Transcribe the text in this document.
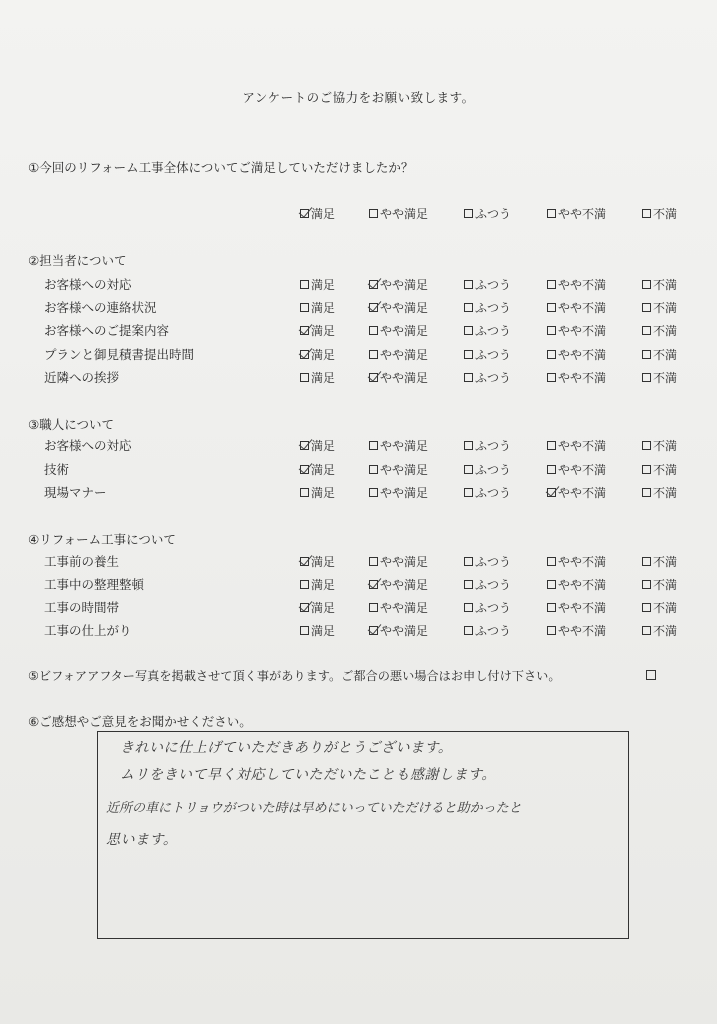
アンケートのご協力をお願い致します。
①今回のリフォーム工事全体についてご満足していただけましたか？
満足	やや満足	ふつう	やや不満	不満
②担当者について
お客様への対応	満足	やや満足	ふつう	やや不満	不満
お客様への連絡状況	満足	やや満足	ふつう	やや不満	不満
お客様へのご提案内容	満足	やや満足	ふつう	やや不満	不満
プランと御見積書提出時間	満足	やや満足	ふつう	やや不満	不満
近隣への挨拶	満足	やや満足	ふつう	やや不満	不満
③職人について
お客様への対応	満足	やや満足	ふつう	やや不満	不満
技術	満足	やや満足	ふつう	やや不満	不満
現場マナー	満足	やや満足	ふつう	やや不満	不満
④リフォーム工事について
工事前の養生	満足	やや満足	ふつう	やや不満	不満
工事中の整理整頓	満足	やや満足	ふつう	やや不満	不満
工事の時間帯	満足	やや満足	ふつう	やや不満	不満
工事の仕上がり	満足	やや満足	ふつう	やや不満	不満
⑤ビフォアアフター写真を掲載させて頂く事があります。ご都合の悪い場合はお申し付け下さい。
⑥ご感想やご意見をお聞かせください。
きれいに仕上げていただきありがとうございます。
ムリをきいて早く対応していただいたことも感謝します。
近所の車にトリョウがついた時は早めにいっていただけると助かったと
思います。
